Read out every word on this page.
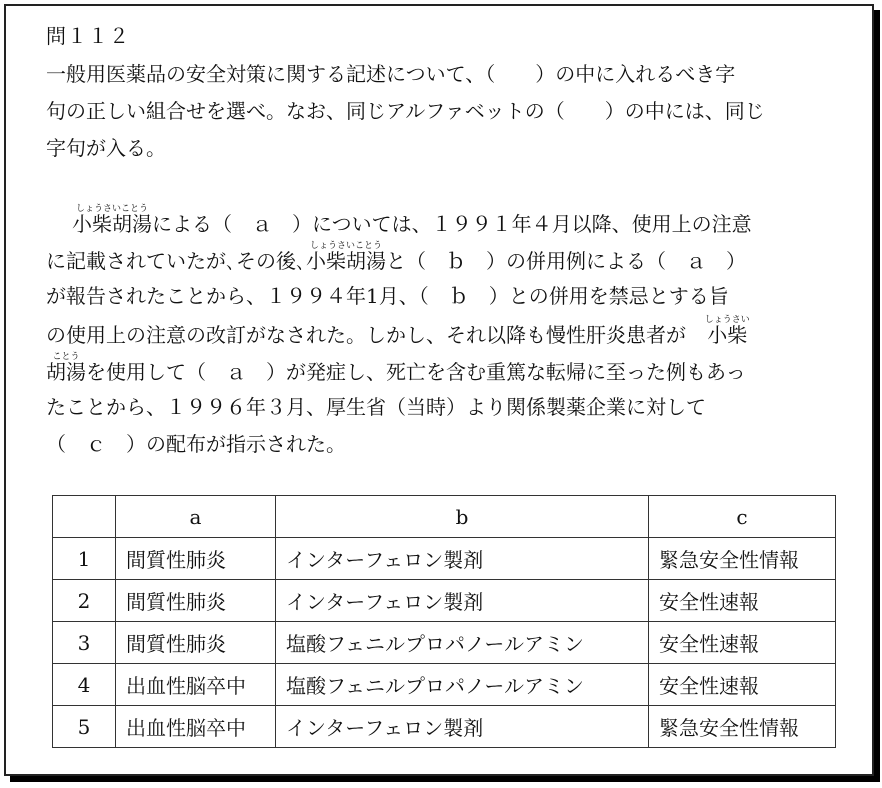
問１１２
一般用医薬品の安全対策に関する記述について、（　　）の中に入れるべき字
句の正しい組合せを選べ。なお、同じアルファベットの（　　）の中には、同じ
字句が入る。
小柴胡湯しょうさいことうによる（　ａ　）については、１９９１年４月以降、使用上の注意
に記載されていたが､その後､小柴胡湯しょうさいことうと（　ｂ　）の併用例による（　ａ　）
が報告されたことから、１９９４年1月、（　ｂ　）との併用を禁忌とする旨
の使用上の注意の改訂がなされた。しかし、それ以降も慢性肝炎患者が　 小柴しょうさい
胡湯ことうを使用して（　ａ　）が発症し、死亡を含む重篤な転帰に至った例もあっ
たことから、１９９６年３月、厚生省（当時）より関係製薬企業に対して
（　ｃ　）の配布が指示された。
	a	b	c
1	間質性肺炎	インターフェロン製剤	緊急安全性情報
2	間質性肺炎	インターフェロン製剤	安全性速報
3	間質性肺炎	塩酸フェニルプロパノールアミン	安全性速報
4	出血性脳卒中	塩酸フェニルプロパノールアミン	安全性速報
5	出血性脳卒中	インターフェロン製剤	緊急安全性情報
